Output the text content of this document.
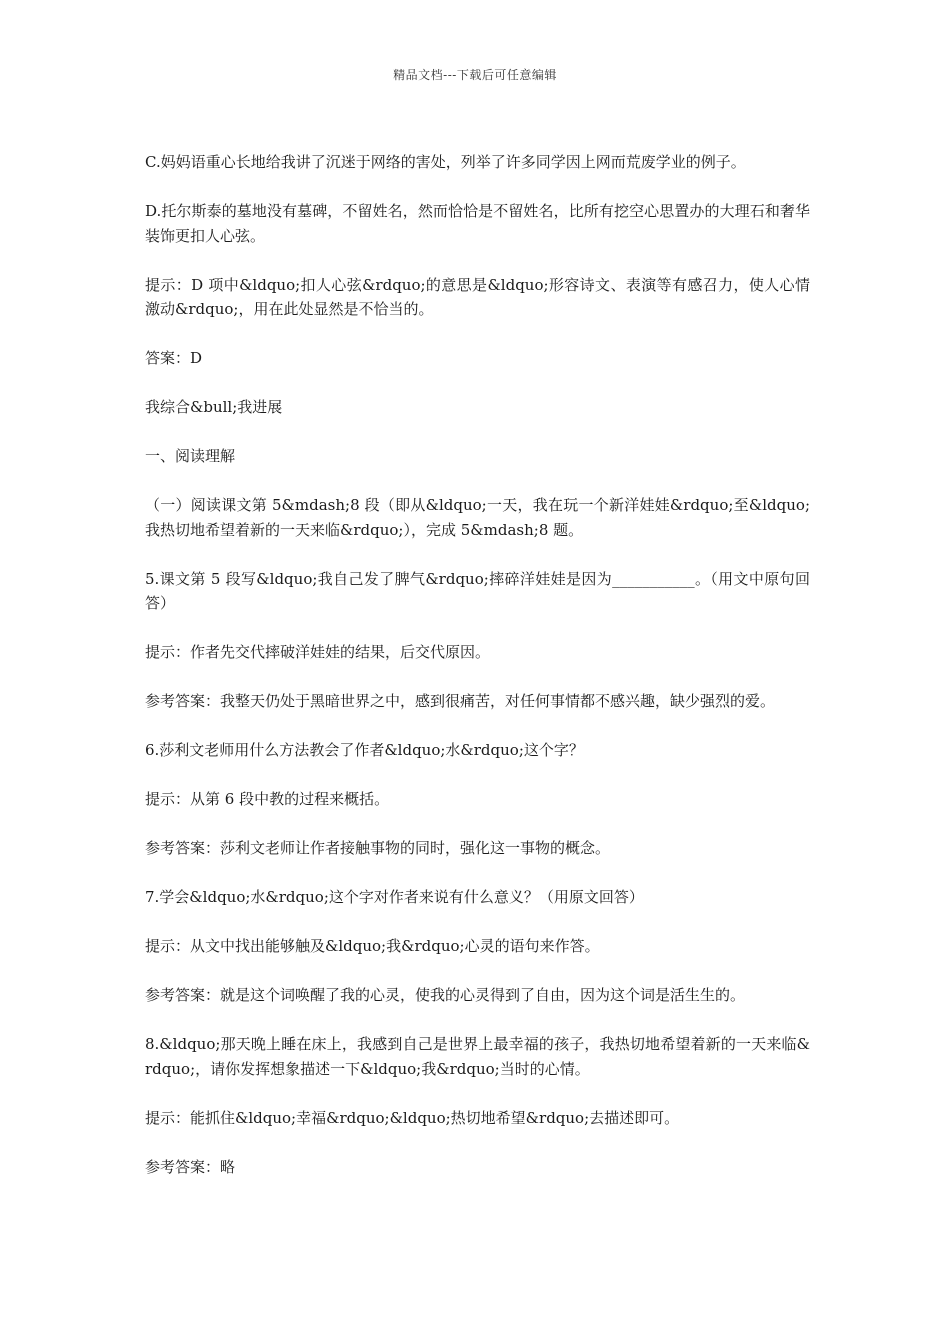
精品文档---下载后可任意编辑

C.妈妈语重心长地给我讲了沉迷于网络的害处，列举了许多同学因上网而荒废学业的例子。

D.托尔斯泰的墓地没有墓碑，不留姓名，然而恰恰是不留姓名，比所有挖空心思置办的大理石和奢华装饰更扣人心弦。

提示：D 项中&ldquo;扣人心弦&rdquo;的意思是&ldquo;形容诗文、表演等有感召力，使人心情激动&rdquo;，用在此处显然是不恰当的。

答案：D

我综合&bull;我进展

一、阅读理解

（一）阅读课文第 5&mdash;8 段（即从&ldquo;一天，我在玩一个新洋娃娃&rdquo;至&ldquo;我热切地希望着新的一天来临&rdquo;），完成 5&mdash;8 题。

5.课文第 5 段写&ldquo;我自己发了脾气&rdquo;摔碎洋娃娃是因为___________。（用文中原句回答）

提示：作者先交代摔破洋娃娃的结果，后交代原因。

参考答案：我整天仍处于黑暗世界之中，感到很痛苦，对任何事情都不感兴趣，缺少强烈的爱。

6.莎利文老师用什么方法教会了作者&ldquo;水&rdquo;这个字？

提示：从第 6 段中教的过程来概括。

参考答案：莎利文老师让作者接触事物的同时，强化这一事物的概念。

7.学会&ldquo;水&rdquo;这个字对作者来说有什么意义？（用原文回答）

提示：从文中找出能够触及&ldquo;我&rdquo;心灵的语句来作答。

参考答案：就是这个词唤醒了我的心灵，使我的心灵得到了自由，因为这个词是活生生的。

8.&ldquo;那天晚上睡在床上，我感到自己是世界上最幸福的孩子，我热切地希望着新的一天来临&rdquo;，请你发挥想象描述一下&ldquo;我&rdquo;当时的心情。

提示：能抓住&ldquo;幸福&rdquo;&ldquo;热切地希望&rdquo;去描述即可。

参考答案：略
